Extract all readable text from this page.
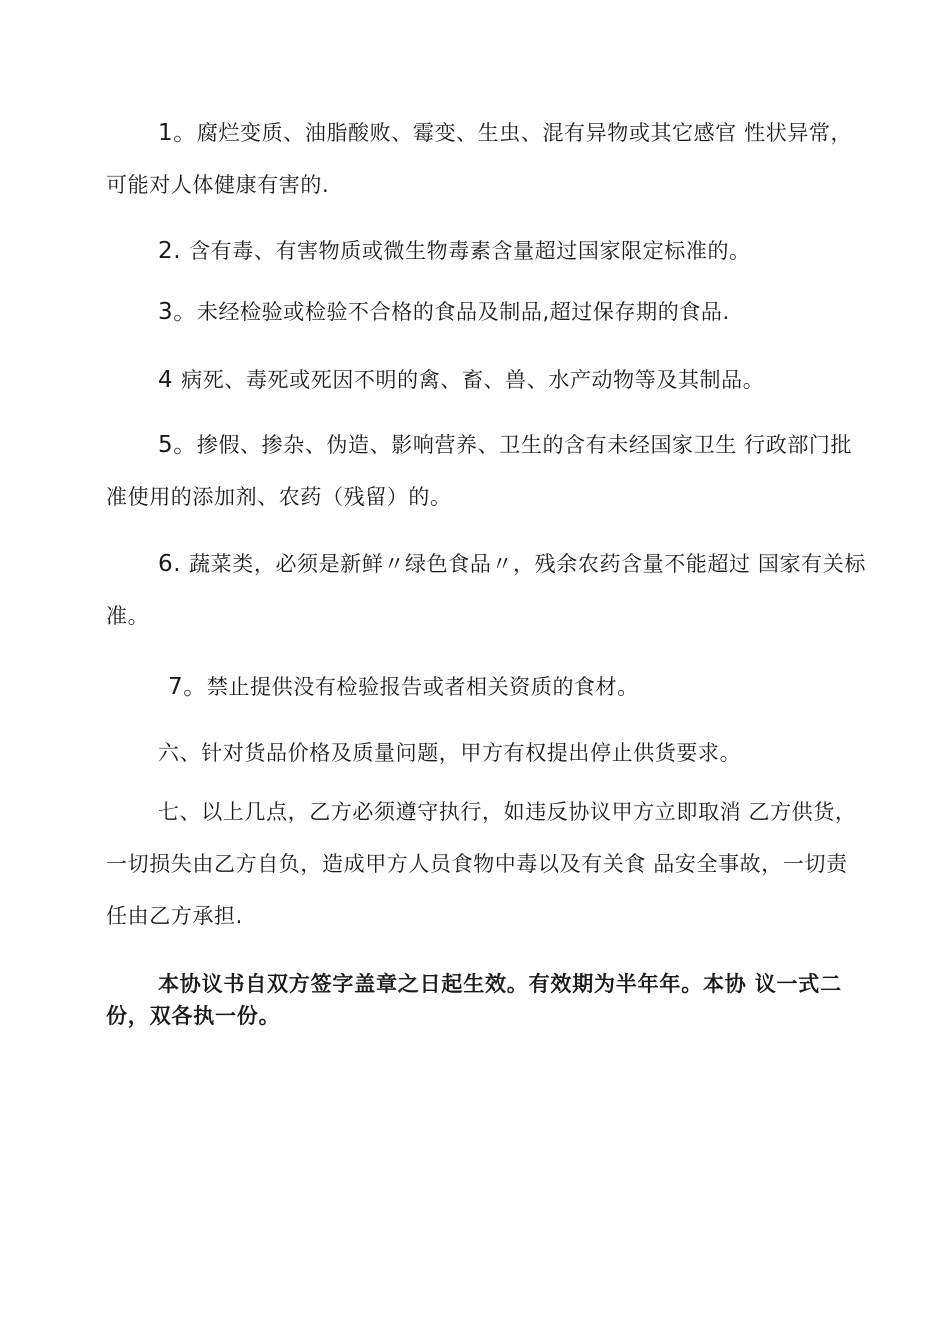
1。腐烂变质、油脂酸败、霉变、生虫、混有异物或其它感官 性状异常，可能对人体健康有害的.

2. 含有毒、有害物质或微生物毒素含量超过国家限定标准的。

3。未经检验或检验不合格的食品及制品,超过保存期的食品.

4 病死、毒死或死因不明的禽、畜、兽、水产动物等及其制品。

5。掺假、掺杂、伪造、影响营养、卫生的含有未经国家卫生 行政部门批准使用的添加剂、农药（残留）的。

6. 蔬菜类，必须是新鲜〃绿色食品〃，残余农药含量不能超过 国家有关标准。

7。禁止提供没有检验报告或者相关资质的食材。

六、针对货品价格及质量问题，甲方有权提出停止供货要求。

七、以上几点，乙方必须遵守执行，如违反协议甲方立即取消 乙方供货，一切损失由乙方自负，造成甲方人员食物中毒以及有关食 品安全事故，一切责任由乙方承担.

本协议书自双方签字盖章之日起生效。有效期为半年年。本协 议一式二份，双各执一份。
